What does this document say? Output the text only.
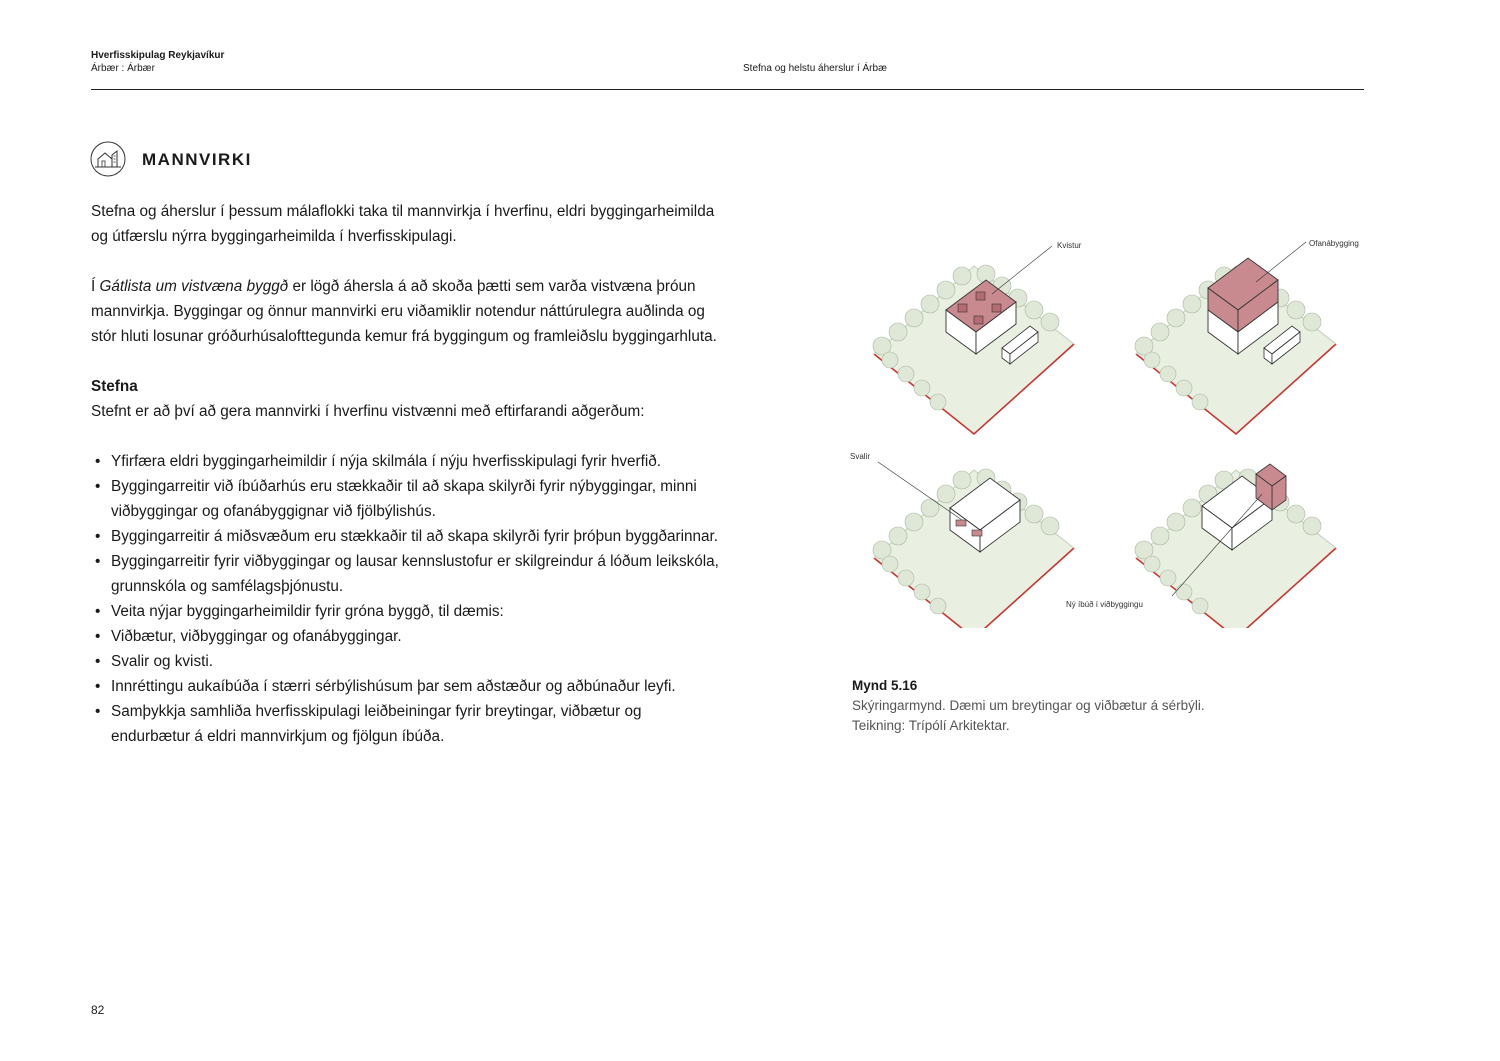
Hverfisskipulag Reykjavíkur
Árbær : Árbær	Stefna og helstu áherslur í Árbæ
MANNVIRKI

Stefna og áherslur í þessum málaflokki taka til mannvirkja í hverfinu, eldri byggingarheimilda og útfærslu nýrra byggingarheimilda í hverfisskipulagi.

Í Gátlista um vistvæna byggð er lögð áhersla á að skoða þætti sem varða vistvæna þróun mannvirkja. Byggingar og önnur mannvirki eru viðamiklir notendur náttúrulegra auðlinda og stór hluti losunar gróðurhúsalofttegunda kemur frá byggingum og framleiðslu byggingarhluta.

Stefna

Stefnt er að því að gera mannvirki í hverfinu vistvænni með eftirfarandi aðgerðum:

• Yfirfæra eldri byggingarheimildir í nýja skilmála í nýju hverfisskipulagi fyrir hverfið.
• Byggingarreitir við íbúðarhús eru stækkaðir til að skapa skilyrði fyrir nýbyggingar, minni viðbyggingar og ofanábyggignar við fjölbýlishús.
• Byggingarreitir á miðsvæðum eru stækkaðir til að skapa skilyrði fyrir þróþun byggðarinnar.
• Byggingarreitir fyrir viðbyggingar og lausar kennslustofur er skilgreindur á lóðum leikskóla, grunnskóla og samfélagsþjónustu.
• Veita nýjar byggingarheimildir fyrir gróna byggð, til dæmis:
• Viðbætur, viðbyggingar og ofanábyggingar.
• Svalir og kvisti.
• Innréttingu aukaíbúða í stærri sérbýlishúsum þar sem aðstæður og aðbúnaður leyfi.
• Samþykkja samhliða hverfisskipulagi leiðbeiningar fyrir breytingar, viðbætur og endurbætur á eldri mannvirkjum og fjölgun íbúða.
Kvistur	Ofanábygging
Svalir
Ný íbúð í viðbyggingu
Mynd 5.16
Skýringarmynd. Dæmi um breytingar og viðbætur á sérbýli.
Teikning: Trípólí Arkitektar.
82
